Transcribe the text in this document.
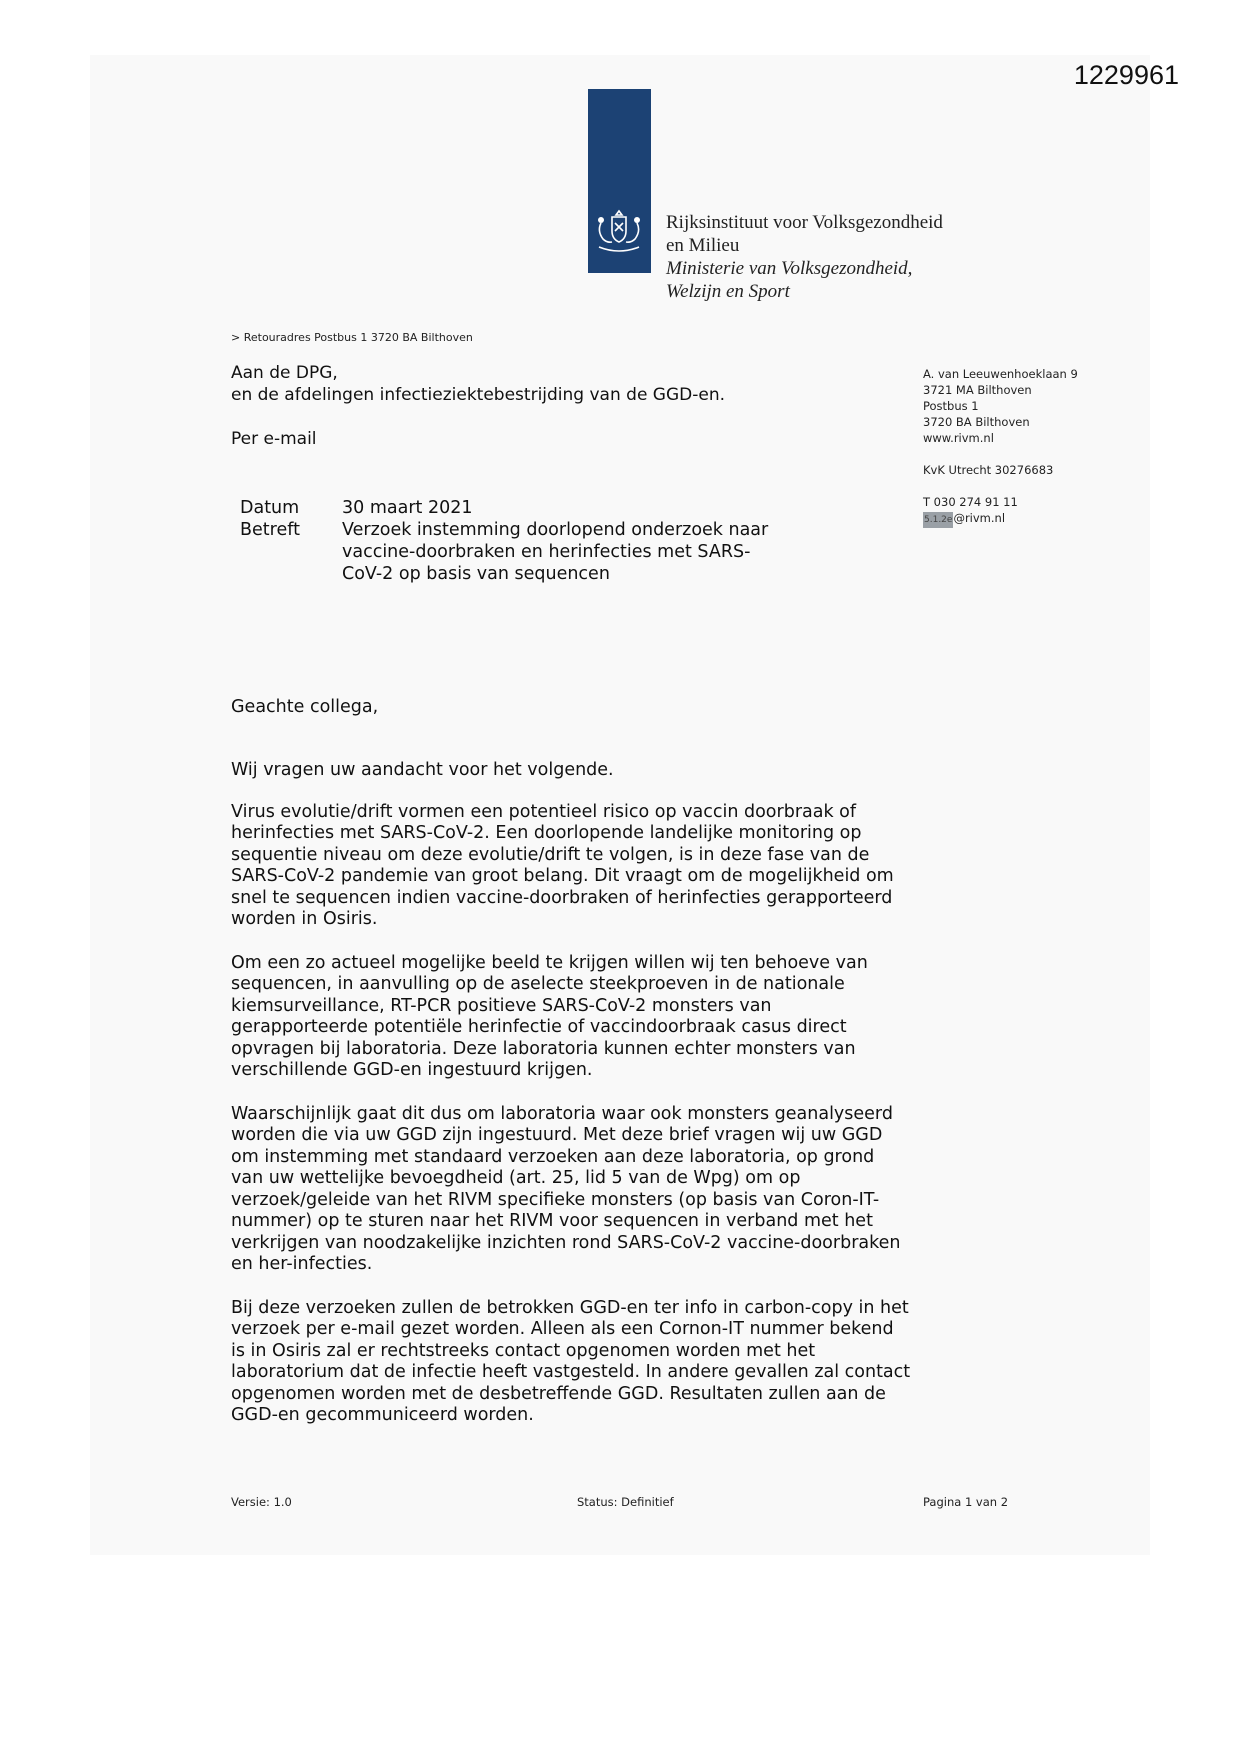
1229961
Rijksinstituut voor Volksgezondheid
en Milieu
Ministerie van Volksgezondheid,
Welzijn en Sport
> Retouradres Postbus 1 3720 BA Bilthoven
Aan de DPG,
en de afdelingen infectieziektebestrijding van de GGD-en.
Per e-mail
A. van Leeuwenhoeklaan 9
3721 MA Bilthoven
Postbus 1
3720 BA Bilthoven
www.rivm.nl
KvK Utrecht 30276683
T 030 274 91 11
5.1.2e@rivm.nl
Datum	30 maart 2021
Betreft	Verzoek instemming doorlopend onderzoek naar vaccine-doorbraken en herinfecties met SARS-CoV-2 op basis van sequencen
Geachte collega,

Wij vragen uw aandacht voor het volgende.

Virus evolutie/drift vormen een potentieel risico op vaccin doorbraak of herinfecties met SARS-CoV-2. Een doorlopende landelijke monitoring op sequentie niveau om deze evolutie/drift te volgen, is in deze fase van de SARS-CoV-2 pandemie van groot belang. Dit vraagt om de mogelijkheid om snel te sequencen indien vaccine-doorbraken of herinfecties gerapporteerd worden in Osiris.

Om een zo actueel mogelijke beeld te krijgen willen wij ten behoeve van sequencen, in aanvulling op de aselecte steekproeven in de nationale kiemsurveillance, RT-PCR positieve SARS-CoV-2 monsters van gerapporteerde potentiële herinfectie of vaccindoorbraak casus direct opvragen bij laboratoria. Deze laboratoria kunnen echter monsters van verschillende GGD-en ingestuurd krijgen.

Waarschijnlijk gaat dit dus om laboratoria waar ook monsters geanalyseerd worden die via uw GGD zijn ingestuurd. Met deze brief vragen wij uw GGD om instemming met standaard verzoeken aan deze laboratoria, op grond van uw wettelijke bevoegdheid (art. 25, lid 5 van de Wpg) om op verzoek/geleide van het RIVM specifieke monsters (op basis van Coron-IT- nummer) op te sturen naar het RIVM voor sequencen in verband met het verkrijgen van noodzakelijke inzichten rond SARS-CoV-2 vaccine-doorbraken en her-infecties.

Bij deze verzoeken zullen de betrokken GGD-en ter info in carbon-copy in het verzoek per e-mail gezet worden. Alleen als een Cornon-IT nummer bekend is in Osiris zal er rechtstreeks contact opgenomen worden met het laboratorium dat de infectie heeft vastgesteld. In andere gevallen zal contact opgenomen worden met de desbetreffende GGD. Resultaten zullen aan de GGD-en gecommuniceerd worden.

Versie: 1.0	Status: Definitief	Pagina 1 van 2
